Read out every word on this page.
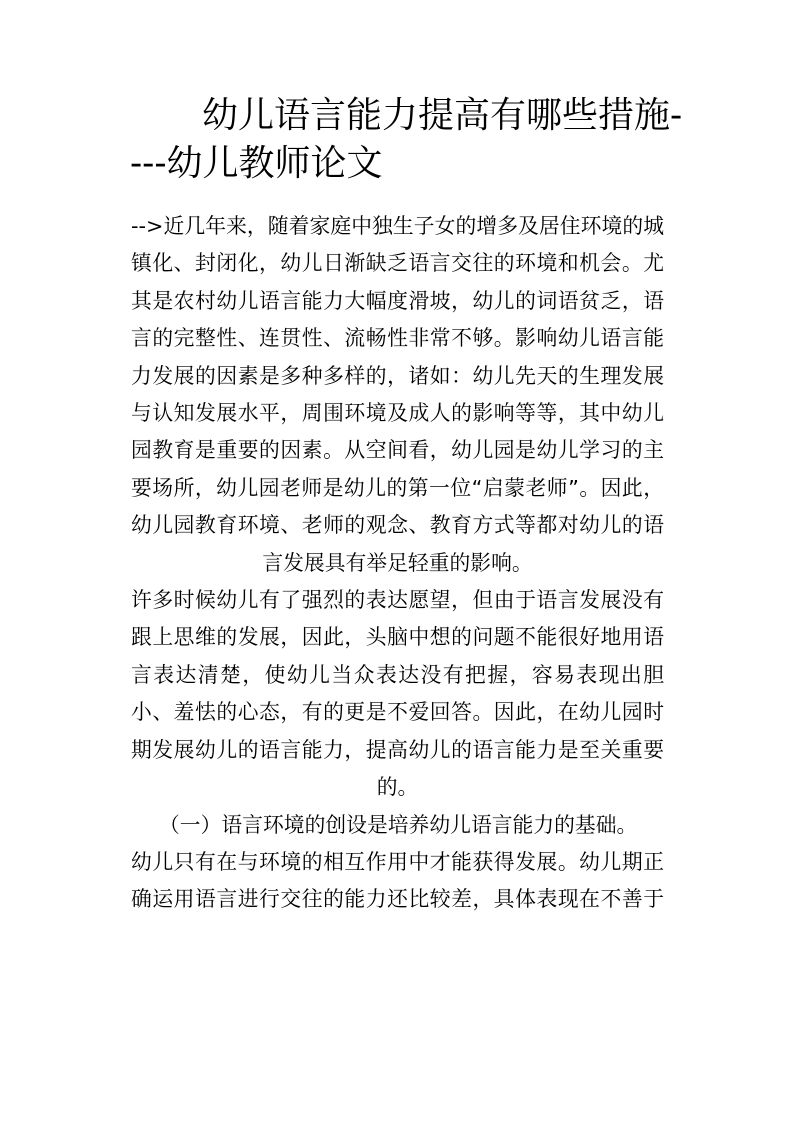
幼儿语言能力提高有哪些措施-
---幼儿教师论文

-->近几年来，随着家庭中独生子女的增多及居住环境的城镇化、封闭化，幼儿日渐缺乏语言交往的环境和机会。尤其是农村幼儿语言能力大幅度滑坡，幼儿的词语贫乏，语言的完整性、连贯性、流畅性非常不够。影响幼儿语言能力发展的因素是多种多样的，诸如：幼儿先天的生理发展与认知发展水平，周围环境及成人的影响等等，其中幼儿园教育是重要的因素。从空间看，幼儿园是幼儿学习的主要场所，幼儿园老师是幼儿的第一位“启蒙老师”。因此，幼儿园教育环境、老师的观念、教育方式等都对幼儿的语言发展具有举足轻重的影响。

许多时候幼儿有了强烈的表达愿望，但由于语言发展没有跟上思维的发展，因此，头脑中想的问题不能很好地用语言表达清楚，使幼儿当众表达没有把握，容易表现出胆小、羞怯的心态，有的更是不爱回答。因此，在幼儿园时期发展幼儿的语言能力，提高幼儿的语言能力是至关重要的。

（一）语言环境的创设是培养幼儿语言能力的基础。

幼儿只有在与环境的相互作用中才能获得发展。幼儿期正确运用语言进行交往的能力还比较差，具体表现在不善于
